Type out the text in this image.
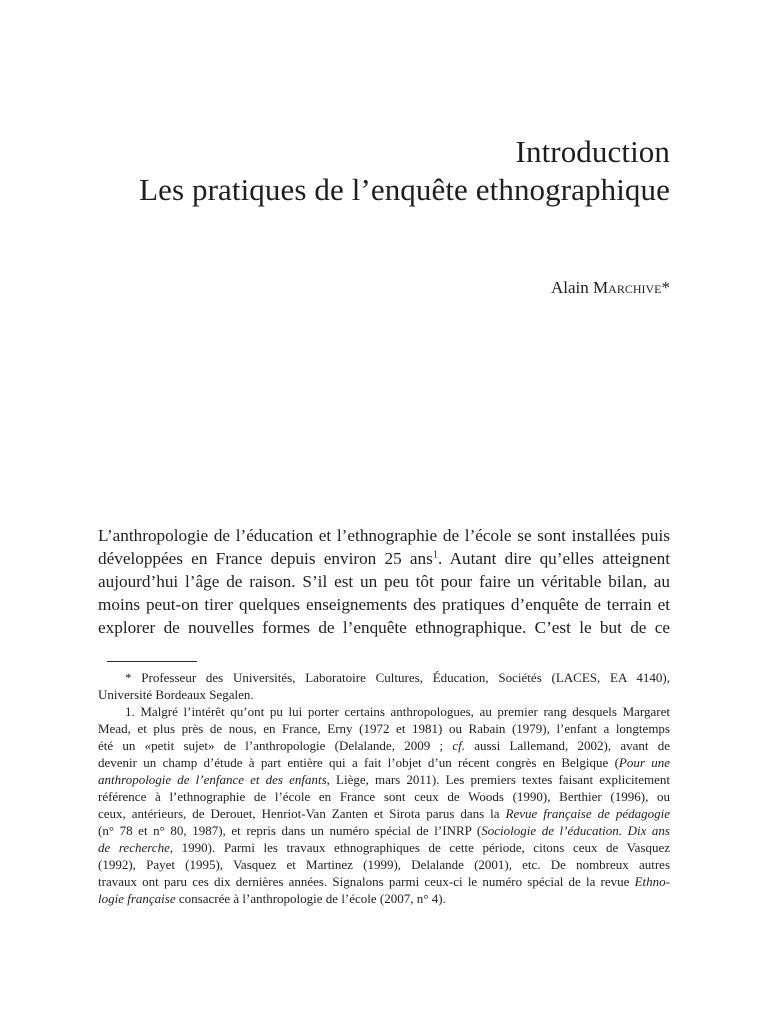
Introduction
Les pratiques de l’enquête ethnographique
Alain Marchive*
L’anthropologie de l’éducation et l’ethnographie de l’école se sont installées puis
développées en France depuis environ 25 ans$^1$. Autant dire qu’elles atteignent
aujourd’hui l’âge de raison. S’il est un peu tôt pour faire un véritable bilan, au
moins peut-on tirer quelques enseignements des pratiques d’enquête de terrain et
explorer de nouvelles formes de l’enquête ethnographique. C’est le but de ce
* Professeur des Universités, Laboratoire Cultures, Éducation, Sociétés (LACES, EA 4140),
Université Bordeaux Segalen.
1. Malgré l’intérêt qu’ont pu lui porter certains anthropologues, au premier rang desquels Margaret
Mead, et plus près de nous, en France, Erny (1972 et 1981) ou Rabain (1979), l’enfant a longtemps
été un «petit sujet» de l’anthropologie (Delalande, 2009 ; cf. aussi Lallemand, 2002), avant de
devenir un champ d’étude à part entière qui a fait l’objet d’un récent congrès en Belgique (Pour une
anthropologie de l’enfance et des enfants, Liège, mars 2011). Les premiers textes faisant explicitement
référence à l’ethnographie de l’école en France sont ceux de Woods (1990), Berthier (1996), ou
ceux, antérieurs, de Derouet, Henriot-Van Zanten et Sirota parus dans la Revue française de pédagogie
(n° 78 et n° 80, 1987), et repris dans un numéro spécial de l’INRP (Sociologie de l’éducation. Dix ans
de recherche, 1990). Parmi les travaux ethnographiques de cette période, citons ceux de Vasquez
(1992), Payet (1995), Vasquez et Martinez (1999), Delalande (2001), etc. De nombreux autres
travaux ont paru ces dix dernières années. Signalons parmi ceux-ci le numéro spécial de la revue Ethno-
logie française consacrée à l’anthropologie de l’école (2007, n° 4).
